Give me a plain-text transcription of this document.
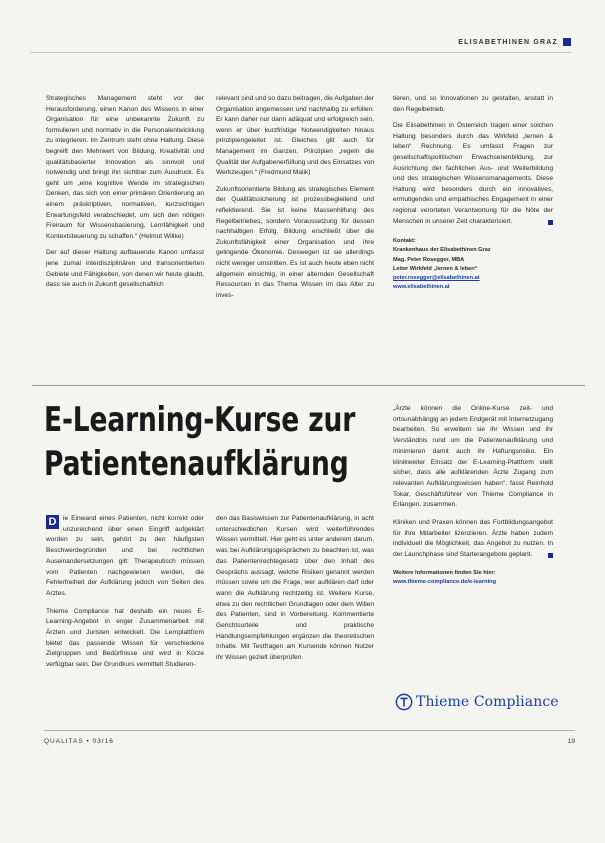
ELISABETHINEN GRAZ

Strategisches Management steht vor der Herausforderung, einen Kanon des Wissens in einer Organisation für eine unbekannte Zukunft zu formulieren und normativ in die Personalentwicklung zu integrieren. Im Zentrum steht ohne Haltung. Diese begreift den Mehrwert von Bildung, Kreativität und qualitätsbasierter Innovation als sinnvoll und notwendig und bringt ihn sichtbar zum Ausdruck. Es geht um „eine kognitive Wende im strategischen Denken, das sich von einer primären Orientierung an einem präskriptiven, normativen, kurzsichtigen Erwartungsfeld verabschiedet, um sich den nötigen Freiraum für Wissensbasierung, Lernfähigkeit und Kontextsteuerung zu schaffen.“ (Helmut Willke)

Der auf dieser Haltung aufbauende Kanon umfasst jene zumal interdisziplinären und transorientierten Gebiete und Fähigkeiten, von denen wir heute glaubt, dass sie auch in Zukunft gesellschaftlich

relevant sind und so dazu beitragen, die Aufgaben der Organisation angemessen und nachhaltig zu erfüllen. Er kann daher nur dann adäquat und erfolgreich sein, wenn er über kurzfristige Notwendigkeiten hinaus prinzipiengeleitet ist. Gleiches gilt auch für Management im Ganzen. Prinzipien „regeln die Qualität der Aufgabenerfüllung und des Einsatzes von Werkzeugen.“ (Fredmund Malik)

Zukunftsorientierte Bildung als strategisches Element der Qualitätssicherung ist prozessbegleitend und reflektierend. Sie ist keine Massenhilfung des Regelbetriebes, sondern Voraussetzung für dessen nachhaltigen Erfolg. Bildung erschließt über die Zukunftsfähigkeit einer Organisation und ihre gelingende Ökonomie. Deswegen ist sie allerdings nicht weniger umstritten. Es ist auch heute eben nicht allgemein einsichtig, in einer alternden Gesellschaft Ressourcen in das Thema Wissen im das Alter zu inves-

tieren, und so Innovationen zu gestalten, anstatt in den Regelbetrieb.

Die Elisabethinen in Österreich tragen einer solchen Haltung besonders durch das Wirkfeld „lernen & leben“ Rechnung. Es umfasst Fragen zur gesellschaftspolitischen Erwachsenenbildung, zur Ausrichtung der fachlichen Aus- und Weiterbildung und des strategischen Wissensmanagements. Diese Haltung wird besonders durch ein innovatives, ermutigendes und empathisches Engagement in einer regional verorteten Verantwortung für die Nöte der Menschen in unserer Zeit charakterisiert.

Kontakt:
Krankenhaus der Elisabethinen Graz
Mag. Peter Rosegger, MBA
Leiter Wirkfeld „lernen & leben“
peter.rosegger@elisabethinen.at
www.elisabethinen.at
E-Learning-Kurse zur
Patientenaufklärung

D ie Einwand eines Patienten, nicht korrekt oder unzureichend über einen Eingriff aufgeklärt worden zu sein, gehört zu den häufigsten Beschwerdegründen und bei rechtlichen Auseinandersetzungen gilt: Therapeutisch müssen vom Patienten nachgewiesen werden, die Fehlerfreiheit der Aufklärung jedoch von Seiten des Arztes.

Thieme Compliance hat deshalb ein neues E-Learning-Angebot in enger Zusammenarbeit mit Ärzten und Juristen entwickelt. Die Lernplattform bietet das passende Wissen für verschiedene Zielgruppen und Bedürfnisse und wird in Kürze verfügbar sein. Der Grundkurs vermittelt Studieren-

den das Basiswissen zur Patientenaufklärung, in acht unterschiedlichen Kursen wird weiterführendes Wissen vermittelt. Hier geht es unter anderem darum, was bei Aufklärungsgesprächen zu beachten ist, was das Patientenrechtegesetz über den Inhalt des Gesprächs aussagt, welche Risiken genannt werden müssen sowie um die Frage, wer aufklären darf oder wann die Aufklärung rechtzeitig ist. Weitere Kurse, etwa zu den rechtlichen Grundlagen oder dem Willen des Patienten, sind in Vorbereitung. Kommentierte Gerichtsurteile und praktische Handlungsempfehlungen ergänzen die theoretischen Inhalte. Mit Testfragen am Kursende können Nutzer ihr Wissen gezielt überprüfen.

„Ärzte können die Online-Kurse zeit- und ortsunabhängig an jedem Endgerät mit Internetzugang bearbeiten. So erweitern sie ihr Wissen und ihr Verständnis rund um die Patientenaufklärung und minimieren damit auch ihr Haftungsrisiko. Ein klinikweiter Einsatz der E-Learning-Plattform stellt sicher, dass alle aufklärenden Ärzte Zugang zum relevanten Aufklärungswissen haben“, fasst Reinhold Tokar, Geschäftsführer von Thieme Compliance in Erlangen, zusammen.

Kliniken und Praxen können das Fortbildungsangebot für ihre Mitarbeiter lizenzieren. Ärzte haben zudem individuell die Möglichkeit, das Angebot zu nutzen. In der Launchphase sind Starterangebote geplant.

Weitere Informationen finden Sie hier:
www.thieme-compliance.de/e-learning
Thieme Compliance
QUALITAS • 03/16	19
